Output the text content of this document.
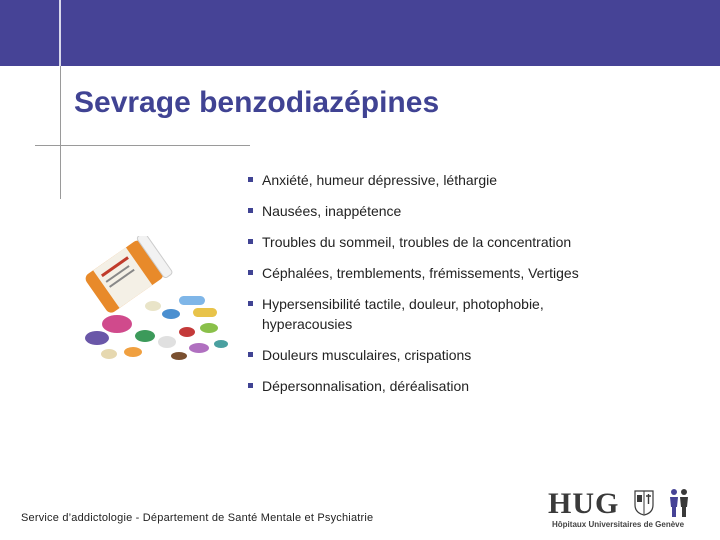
Sevrage benzodiazépines
Anxiété, humeur dépressive, léthargie
Nausées, inappétence
Troubles du sommeil, troubles de la concentration
Céphalées, tremblements, frémissements, Vertiges
Hypersensibilité tactile, douleur, photophobie, hyperacousies
Douleurs musculaires, crispations
Dépersonnalisation, déréalisation
Service d’addictologie - Département de Santé Mentale et Psychiatrie	HUG
Hôpitaux Universitaires de Genève
